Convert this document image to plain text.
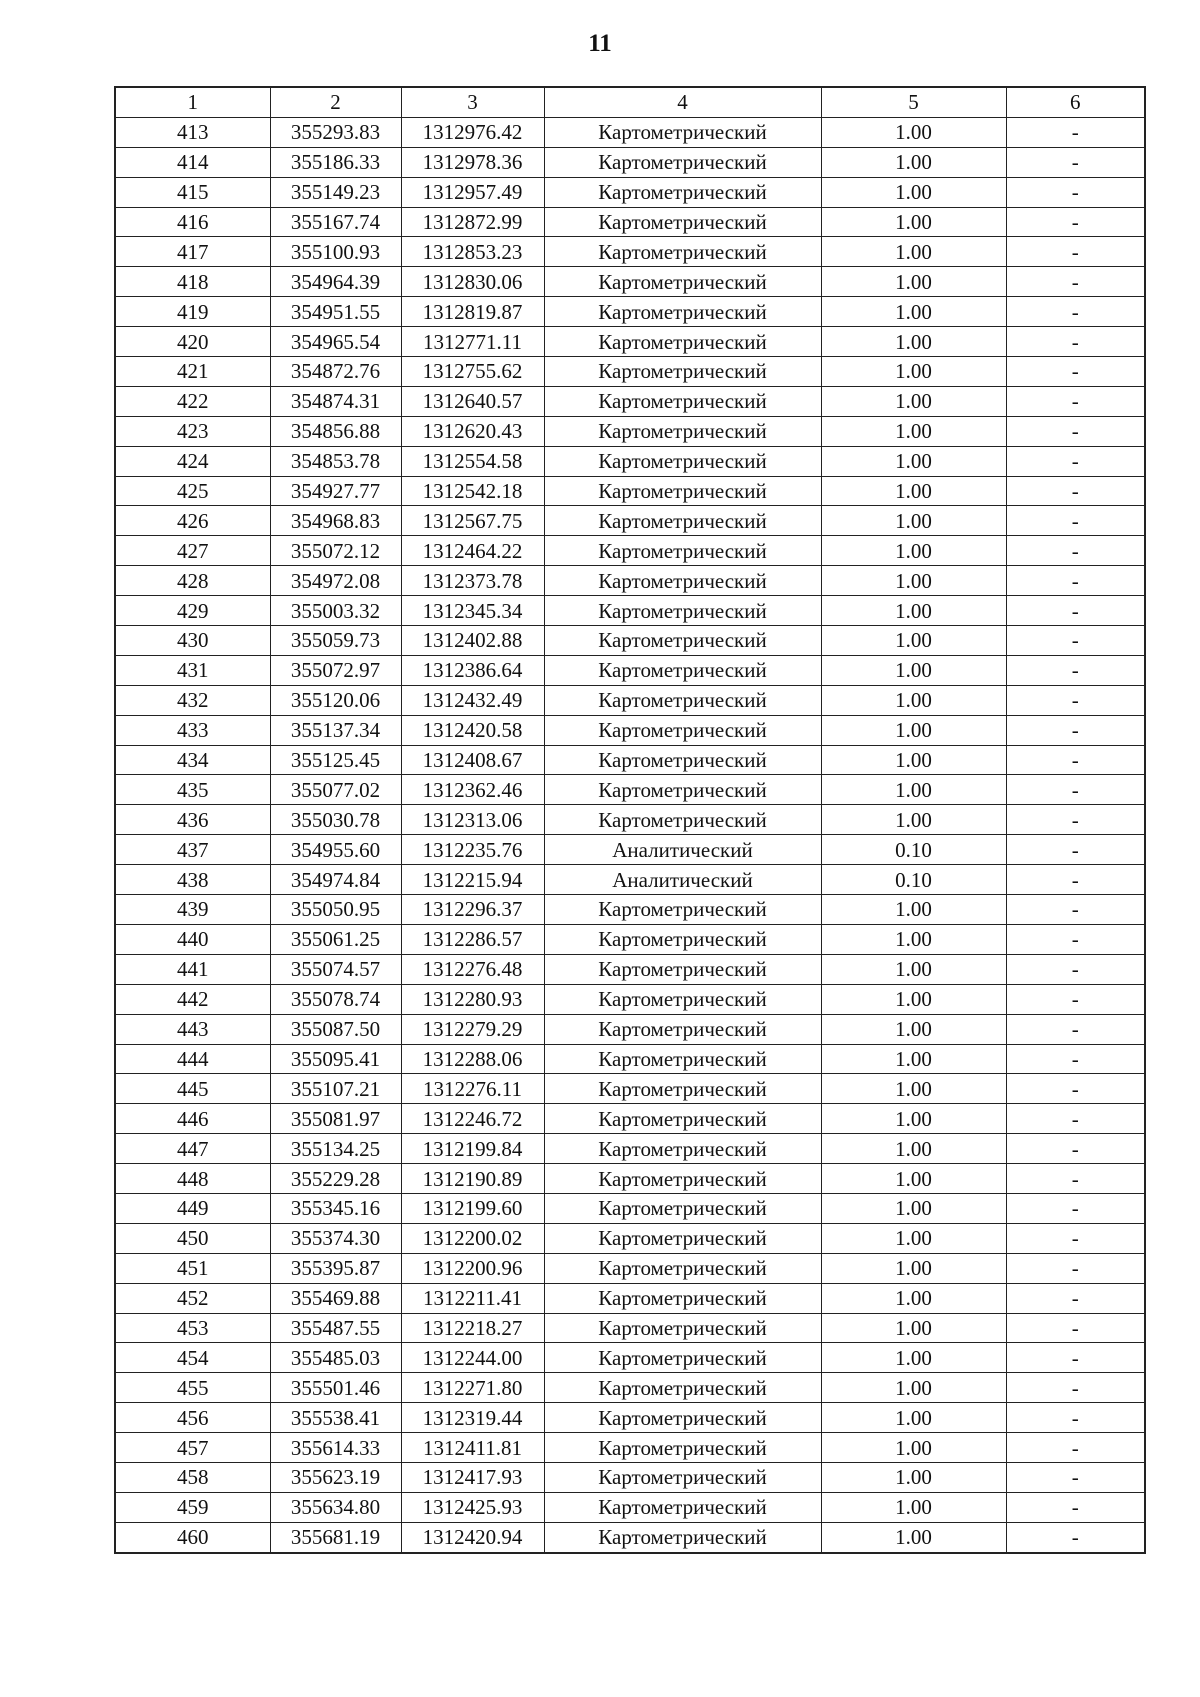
11
1	2	3	4	5	6
413	355293.83	1312976.42	Картометрический	1.00	-
414	355186.33	1312978.36	Картометрический	1.00	-
415	355149.23	1312957.49	Картометрический	1.00	-
416	355167.74	1312872.99	Картометрический	1.00	-
417	355100.93	1312853.23	Картометрический	1.00	-
418	354964.39	1312830.06	Картометрический	1.00	-
419	354951.55	1312819.87	Картометрический	1.00	-
420	354965.54	1312771.11	Картометрический	1.00	-
421	354872.76	1312755.62	Картометрический	1.00	-
422	354874.31	1312640.57	Картометрический	1.00	-
423	354856.88	1312620.43	Картометрический	1.00	-
424	354853.78	1312554.58	Картометрический	1.00	-
425	354927.77	1312542.18	Картометрический	1.00	-
426	354968.83	1312567.75	Картометрический	1.00	-
427	355072.12	1312464.22	Картометрический	1.00	-
428	354972.08	1312373.78	Картометрический	1.00	-
429	355003.32	1312345.34	Картометрический	1.00	-
430	355059.73	1312402.88	Картометрический	1.00	-
431	355072.97	1312386.64	Картометрический	1.00	-
432	355120.06	1312432.49	Картометрический	1.00	-
433	355137.34	1312420.58	Картометрический	1.00	-
434	355125.45	1312408.67	Картометрический	1.00	-
435	355077.02	1312362.46	Картометрический	1.00	-
436	355030.78	1312313.06	Картометрический	1.00	-
437	354955.60	1312235.76	Аналитический	0.10	-
438	354974.84	1312215.94	Аналитический	0.10	-
439	355050.95	1312296.37	Картометрический	1.00	-
440	355061.25	1312286.57	Картометрический	1.00	-
441	355074.57	1312276.48	Картометрический	1.00	-
442	355078.74	1312280.93	Картометрический	1.00	-
443	355087.50	1312279.29	Картометрический	1.00	-
444	355095.41	1312288.06	Картометрический	1.00	-
445	355107.21	1312276.11	Картометрический	1.00	-
446	355081.97	1312246.72	Картометрический	1.00	-
447	355134.25	1312199.84	Картометрический	1.00	-
448	355229.28	1312190.89	Картометрический	1.00	-
449	355345.16	1312199.60	Картометрический	1.00	-
450	355374.30	1312200.02	Картометрический	1.00	-
451	355395.87	1312200.96	Картометрический	1.00	-
452	355469.88	1312211.41	Картометрический	1.00	-
453	355487.55	1312218.27	Картометрический	1.00	-
454	355485.03	1312244.00	Картометрический	1.00	-
455	355501.46	1312271.80	Картометрический	1.00	-
456	355538.41	1312319.44	Картометрический	1.00	-
457	355614.33	1312411.81	Картометрический	1.00	-
458	355623.19	1312417.93	Картометрический	1.00	-
459	355634.80	1312425.93	Картометрический	1.00	-
460	355681.19	1312420.94	Картометрический	1.00	-
